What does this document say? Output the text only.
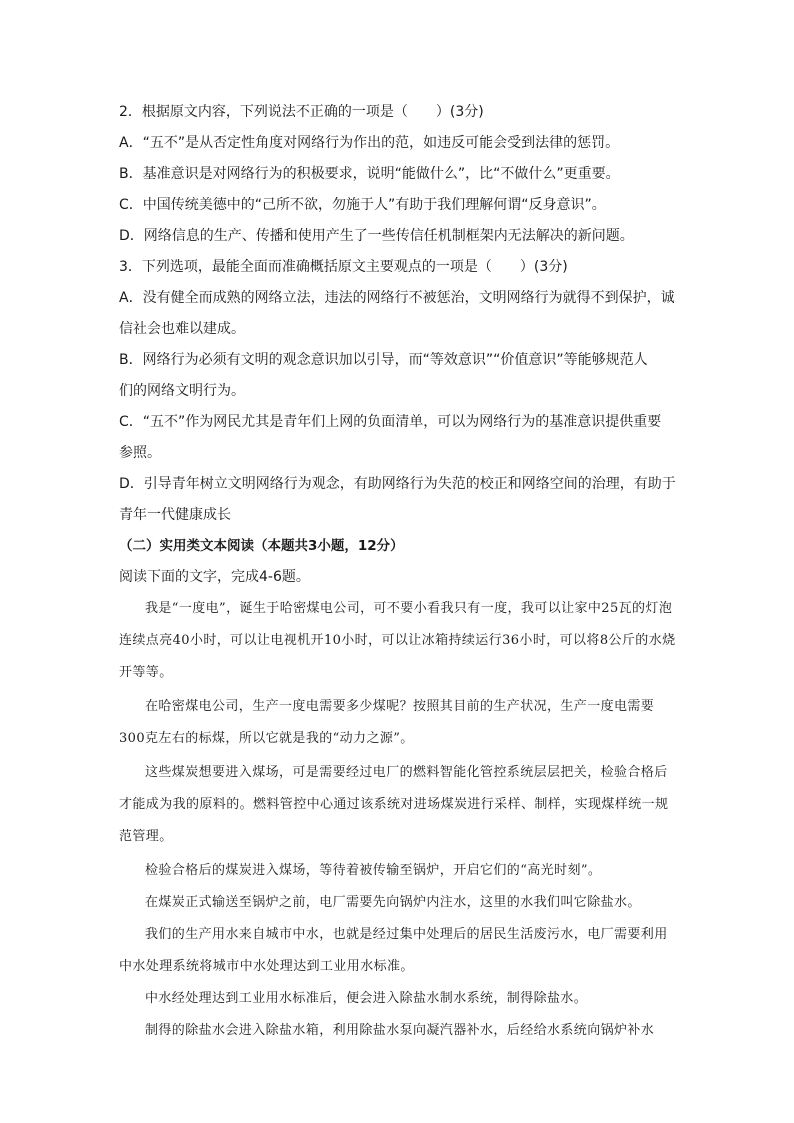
2．根据原文内容，下列说法不正确的一项是（　　）(3分)

A．“五不”是从否定性角度对网络行为作出的范，如违反可能会受到法律的惩罚。

B．基准意识是对网络行为的积极要求，说明“能做什么”，比“不做什么”更重要。

C．中国传统美德中的“己所不欲，勿施于人”有助于我们理解何谓“反身意识”。

D．网络信息的生产、传播和使用产生了一些传信任机制框架内无法解决的新问题。

3．下列选项，最能全面而准确概括原文主要观点的一项是（　　）(3分)

A．没有健全而成熟的网络立法，违法的网络行不被惩治，文明网络行为就得不到保护，诚

信社会也难以建成。

B．网络行为必须有文明的观念意识加以引导，而“等效意识”“价值意识”等能够规范人

们的网络文明行为。

C．“五不”作为网民尤其是青年们上网的负面清单，可以为网络行为的基准意识提供重要

参照。

D．引导青年树立文明网络行为观念，有助网络行为失范的校正和网络空间的治理，有助于

青年一代健康成长

（二）实用类文本阅读（本题共3小题，12分）

阅读下面的文字，完成4-6题。

我是“一度电”，诞生于哈密煤电公司，可不要小看我只有一度，我可以让家中25瓦的灯泡连续点亮40小时，可以让电视机开10小时，可以让冰箱持续运行36小时，可以将8公斤的水烧开等等。

在哈密煤电公司，生产一度电需要多少煤呢？按照其目前的生产状况，生产一度电需要300克左右的标煤，所以它就是我的“动力之源”。

这些煤炭想要进入煤场，可是需要经过电厂的燃料智能化管控系统层层把关，检验合格后才能成为我的原料的。燃料管控中心通过该系统对进场煤炭进行采样、制样，实现煤样统一规范管理。

检验合格后的煤炭进入煤场，等待着被传输至锅炉，开启它们的“高光时刻”。

在煤炭正式输送至锅炉之前，电厂需要先向锅炉内注水，这里的水我们叫它除盐水。

我们的生产用水来自城市中水，也就是经过集中处理后的居民生活废污水，电厂需要利用中水处理系统将城市中水处理达到工业用水标准。

中水经处理达到工业用水标准后，便会进入除盐水制水系统，制得除盐水。

制得的除盐水会进入除盐水箱，利用除盐水泵向凝汽器补水，后经给水系统向锅炉补水
